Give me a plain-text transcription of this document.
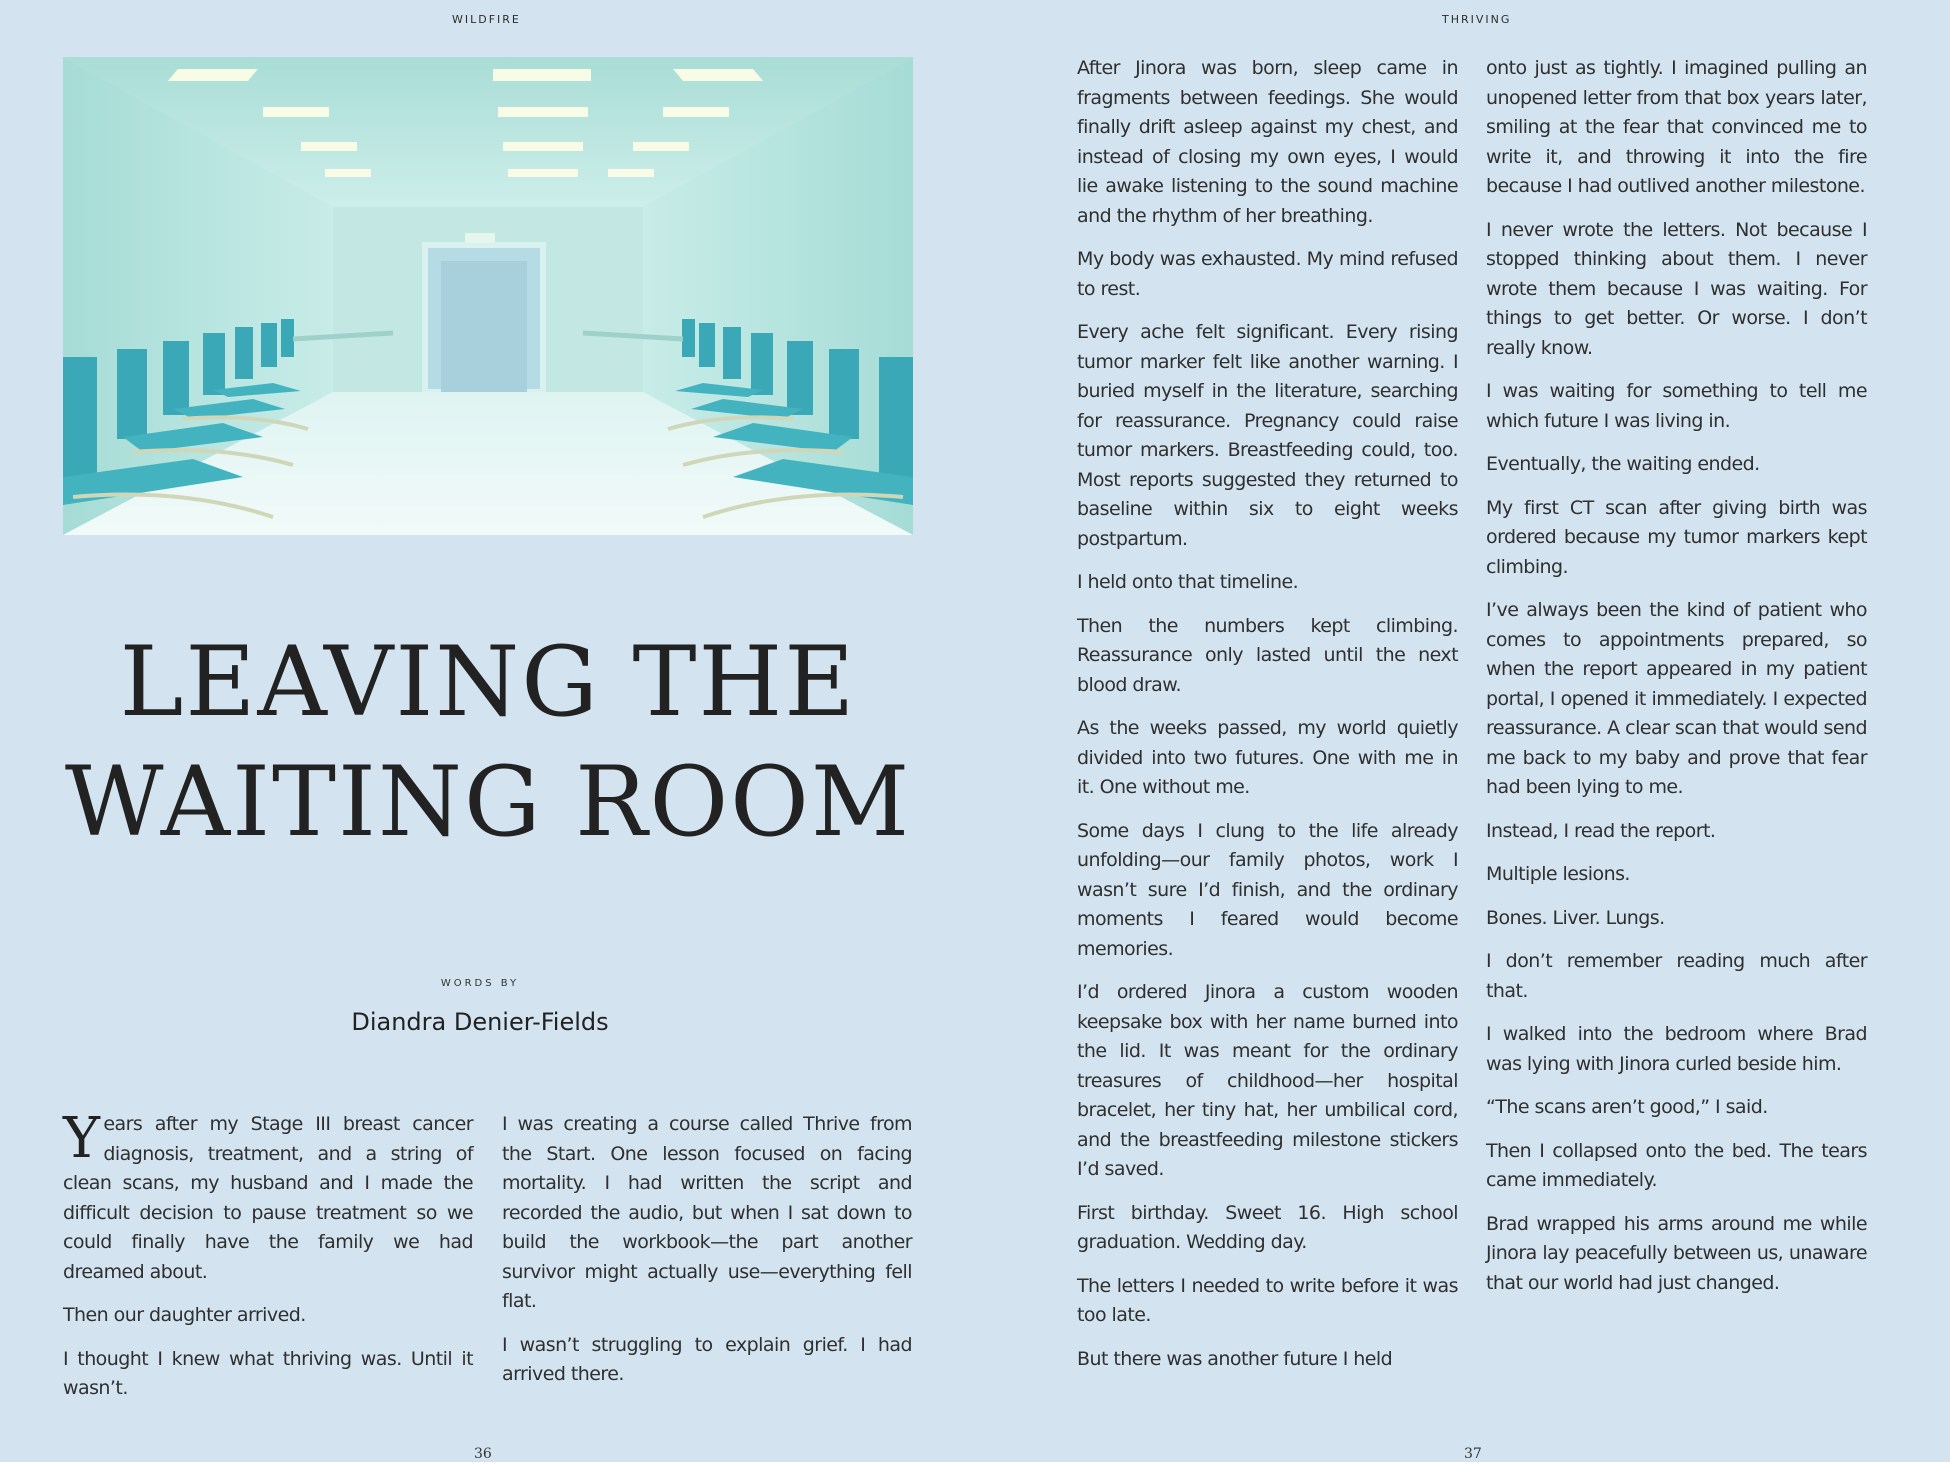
WILDFIRE	THRIVING
LEAVING THE
WAITING ROOM
WORDS BY
Diandra Denier-Fields

Years after my Stage III breast cancer diagnosis, treatment, and a string of clean scans, my husband and I made the difficult decision to pause treatment so we could finally have the family we had dreamed about.

Then our daughter arrived.

I thought I knew what thriving was. Until it wasn’t.

I was creating a course called Thrive from the Start. One lesson focused on facing mortality. I had written the script and recorded the audio, but when I sat down to build the workbook—the part another survivor might actually use—everything fell flat.

I wasn’t struggling to explain grief. I had arrived there.

After Jinora was born, sleep came in fragments between feedings. She would finally drift asleep against my chest, and instead of closing my own eyes, I would lie awake listening to the sound machine and the rhythm of her breathing.

My body was exhausted. My mind refused to rest.

Every ache felt significant. Every rising tumor marker felt like another warning. I buried myself in the literature, searching for reassurance. Pregnancy could raise tumor markers. Breastfeeding could, too. Most reports suggested they returned to baseline within six to eight weeks postpartum.

I held onto that timeline.

Then the numbers kept climbing. Reassurance only lasted until the next blood draw.

As the weeks passed, my world quietly divided into two futures. One with me in it. One without me.

Some days I clung to the life already unfolding—our family photos, work I wasn’t sure I’d finish, and the ordinary moments I feared would become memories.

I’d ordered Jinora a custom wooden keepsake box with her name burned into the lid. It was meant for the ordinary treasures of childhood—her hospital bracelet, her tiny hat, her umbilical cord, and the breastfeeding milestone stickers I’d saved.

First birthday. Sweet 16. High school graduation. Wedding day.

The letters I needed to write before it was too late.

But there was another future I held

onto just as tightly. I imagined pulling an unopened letter from that box years later, smiling at the fear that convinced me to write it, and throwing it into the fire because I had outlived another milestone.

I never wrote the letters. Not because I stopped thinking about them. I never wrote them because I was waiting. For things to get better. Or worse. I don’t really know.

I was waiting for something to tell me which future I was living in.

Eventually, the waiting ended.

My first CT scan after giving birth was ordered because my tumor markers kept climbing.

I’ve always been the kind of patient who comes to appointments prepared, so when the report appeared in my patient portal, I opened it immediately. I expected reassurance. A clear scan that would send me back to my baby and prove that fear had been lying to me.

Instead, I read the report.

Multiple lesions.

Bones. Liver. Lungs.

I don’t remember reading much after that.

I walked into the bedroom where Brad was lying with Jinora curled beside him.

“The scans aren’t good,” I said.

Then I collapsed onto the bed. The tears came immediately.

Brad wrapped his arms around me while Jinora lay peacefully between us, unaware that our world had just changed.

36	37
